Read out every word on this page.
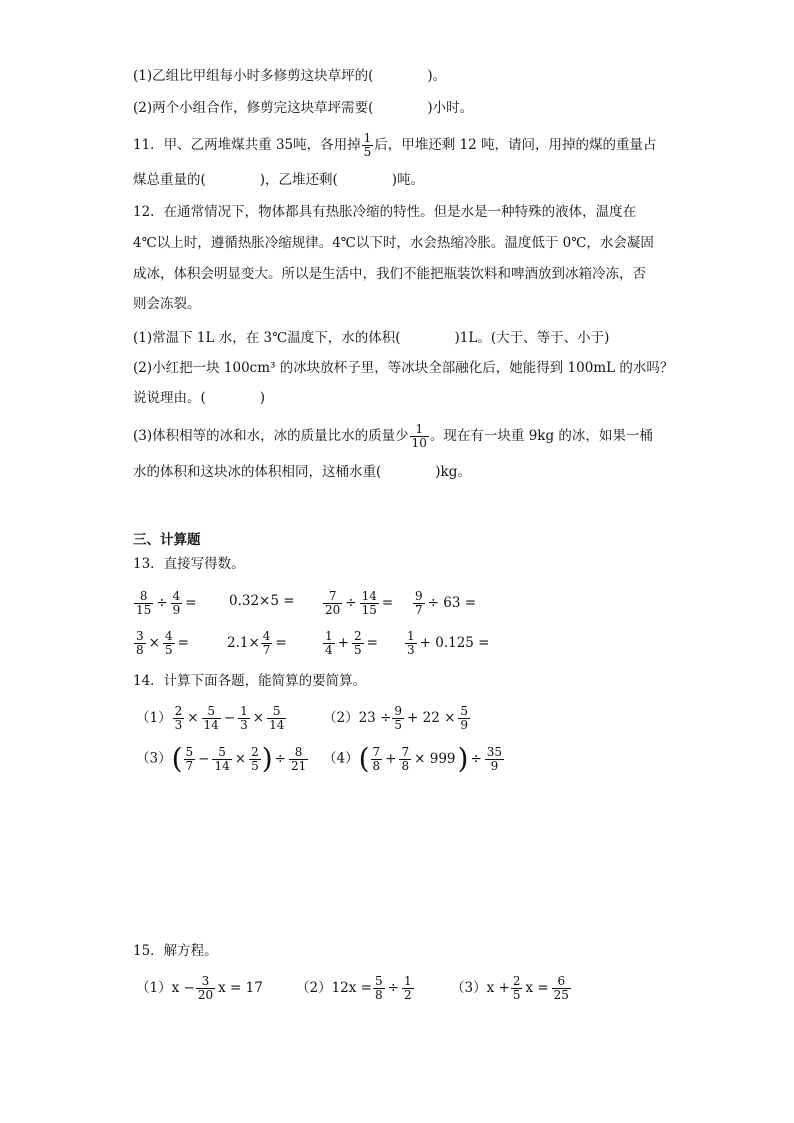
(1)乙组比甲组每小时多修剪这块草坪的(　　　　)。
(2)两个小组合作，修剪完这块草坪需要(　　　　)小时。
11．甲、乙两堆煤共重 35吨，各用掉 $\frac{1}{5}$ 后，甲堆还剩 12 吨，请问，用掉的煤的重量占
煤总重量的(　　　　)，乙堆还剩(　　　　)吨。
12．在通常情况下，物体都具有热胀冷缩的特性。但是水是一种特殊的液体，温度在
4℃以上时，遵循热胀冷缩规律。4℃以下时，水会热缩冷胀。温度低于 0℃，水会凝固
成冰，体积会明显变大。所以是生活中，我们不能把瓶装饮料和啤酒放到冰箱冷冻，否
则会冻裂。
(1)常温下 1L 水，在 3℃温度下，水的体积(　　　　)1L。(大于、等于、小于)
(2)小红把一块 100cm³ 的冰块放杯子里，等冰块全部融化后，她能得到 100mL 的水吗？
说说理由。(　　　　)
(3)体积相等的冰和水，冰的质量比水的质量少 $\frac{1}{10}$ 。现在有一块重 9kg 的冰，如果一桶
水的体积和这块冰的体积相同，这桶水重(　　　　)kg。
三、计算题
13．直接写得数。
$\frac{8}{15} \div \frac{4}{9} = 0.32\times 5 = \frac{7}{20} \div \frac{14}{15} = \frac{9}{7} \div 63$ =
$\frac{3}{8} \times \frac{4}{5}$ =	$2.1\times \frac{4}{7}$ =	$\frac{1}{4} + \frac{2}{5} = \frac{1}{3} + 0.125$ =
14．计算下面各题，能简算的要简算。
$(1) \frac{2}{3} \times \frac{5}{14} - \frac{1}{3} \times \frac{5}{14}$	$(2)23 \div \frac{9}{5} + 22 \times \frac{5}{9}$
$(3)( \frac{5}{7} - \frac{5}{14} \times \frac{2}{5}$ ) ÷ $\frac{8}{21} (4)( \frac{7}{8} + \frac{7}{8} \times 999) \div \frac{35}{9}$
15．解方程。
$(1)x - \frac{3}{20}$ x = 17 $(2)12x = \frac{5}{8} \div \frac{1}{2}$	$(3)x + \frac{2}{5}$ $x = \frac{6}{25}$
